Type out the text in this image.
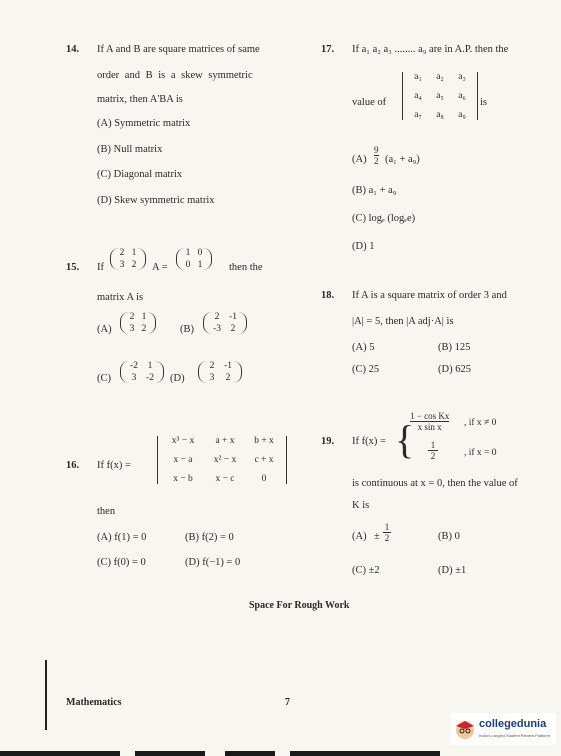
14. If A and B are square matrices of same
order and B is a skew symmetric
matrix, then A'BA is
(A) Symmetric matrix
(B) Null matrix
(C) Diagonal matrix
(D) Skew symmetric matrix
15. If
2 1
3 2	A =
1 0
0 1	then the
matrix A is
(A)
2 1
3 2	(B)
2	-1
-3	2
(C)
-2	1
3	-2	(D)
2	-1
3	2
16. If f(x) =
x³ − x	a + x	b + x
x − a	x² − x	c + x
x − b	x − c	0
then
(A) f(1) = 0	(B) f(2) = 0
(C) f(0) = 0	(D) f(−1) = 0
17. If a₁ a₂ a₃ ........ a₉ are in A.P. then the
value of
a₁	a₂	a₃
a₄	a₅	a₆
a₇	a₈	a₉
is
(A)
9
2 (a₁ + a₉)
(B) a₁ + a₉
(C) logₑ (logₑe)
(D) 1
18. If A is a square matrix of order 3 and
|A| = 5, then |A adj·A| is
(A) 5	(B) 125
(C) 25	(D) 625
19. If f(x) = {
1 − cos Kx
x sin x , if x ≠ 0
1
2	, if x = 0
is continuous at x = 0, then the value of
K is
(A) ±
1
2	(B) 0
(C) ±2	(D) ±1
Space For Rough Work
Mathematics	7
collegedunia
India's Largest Student Review Platform
